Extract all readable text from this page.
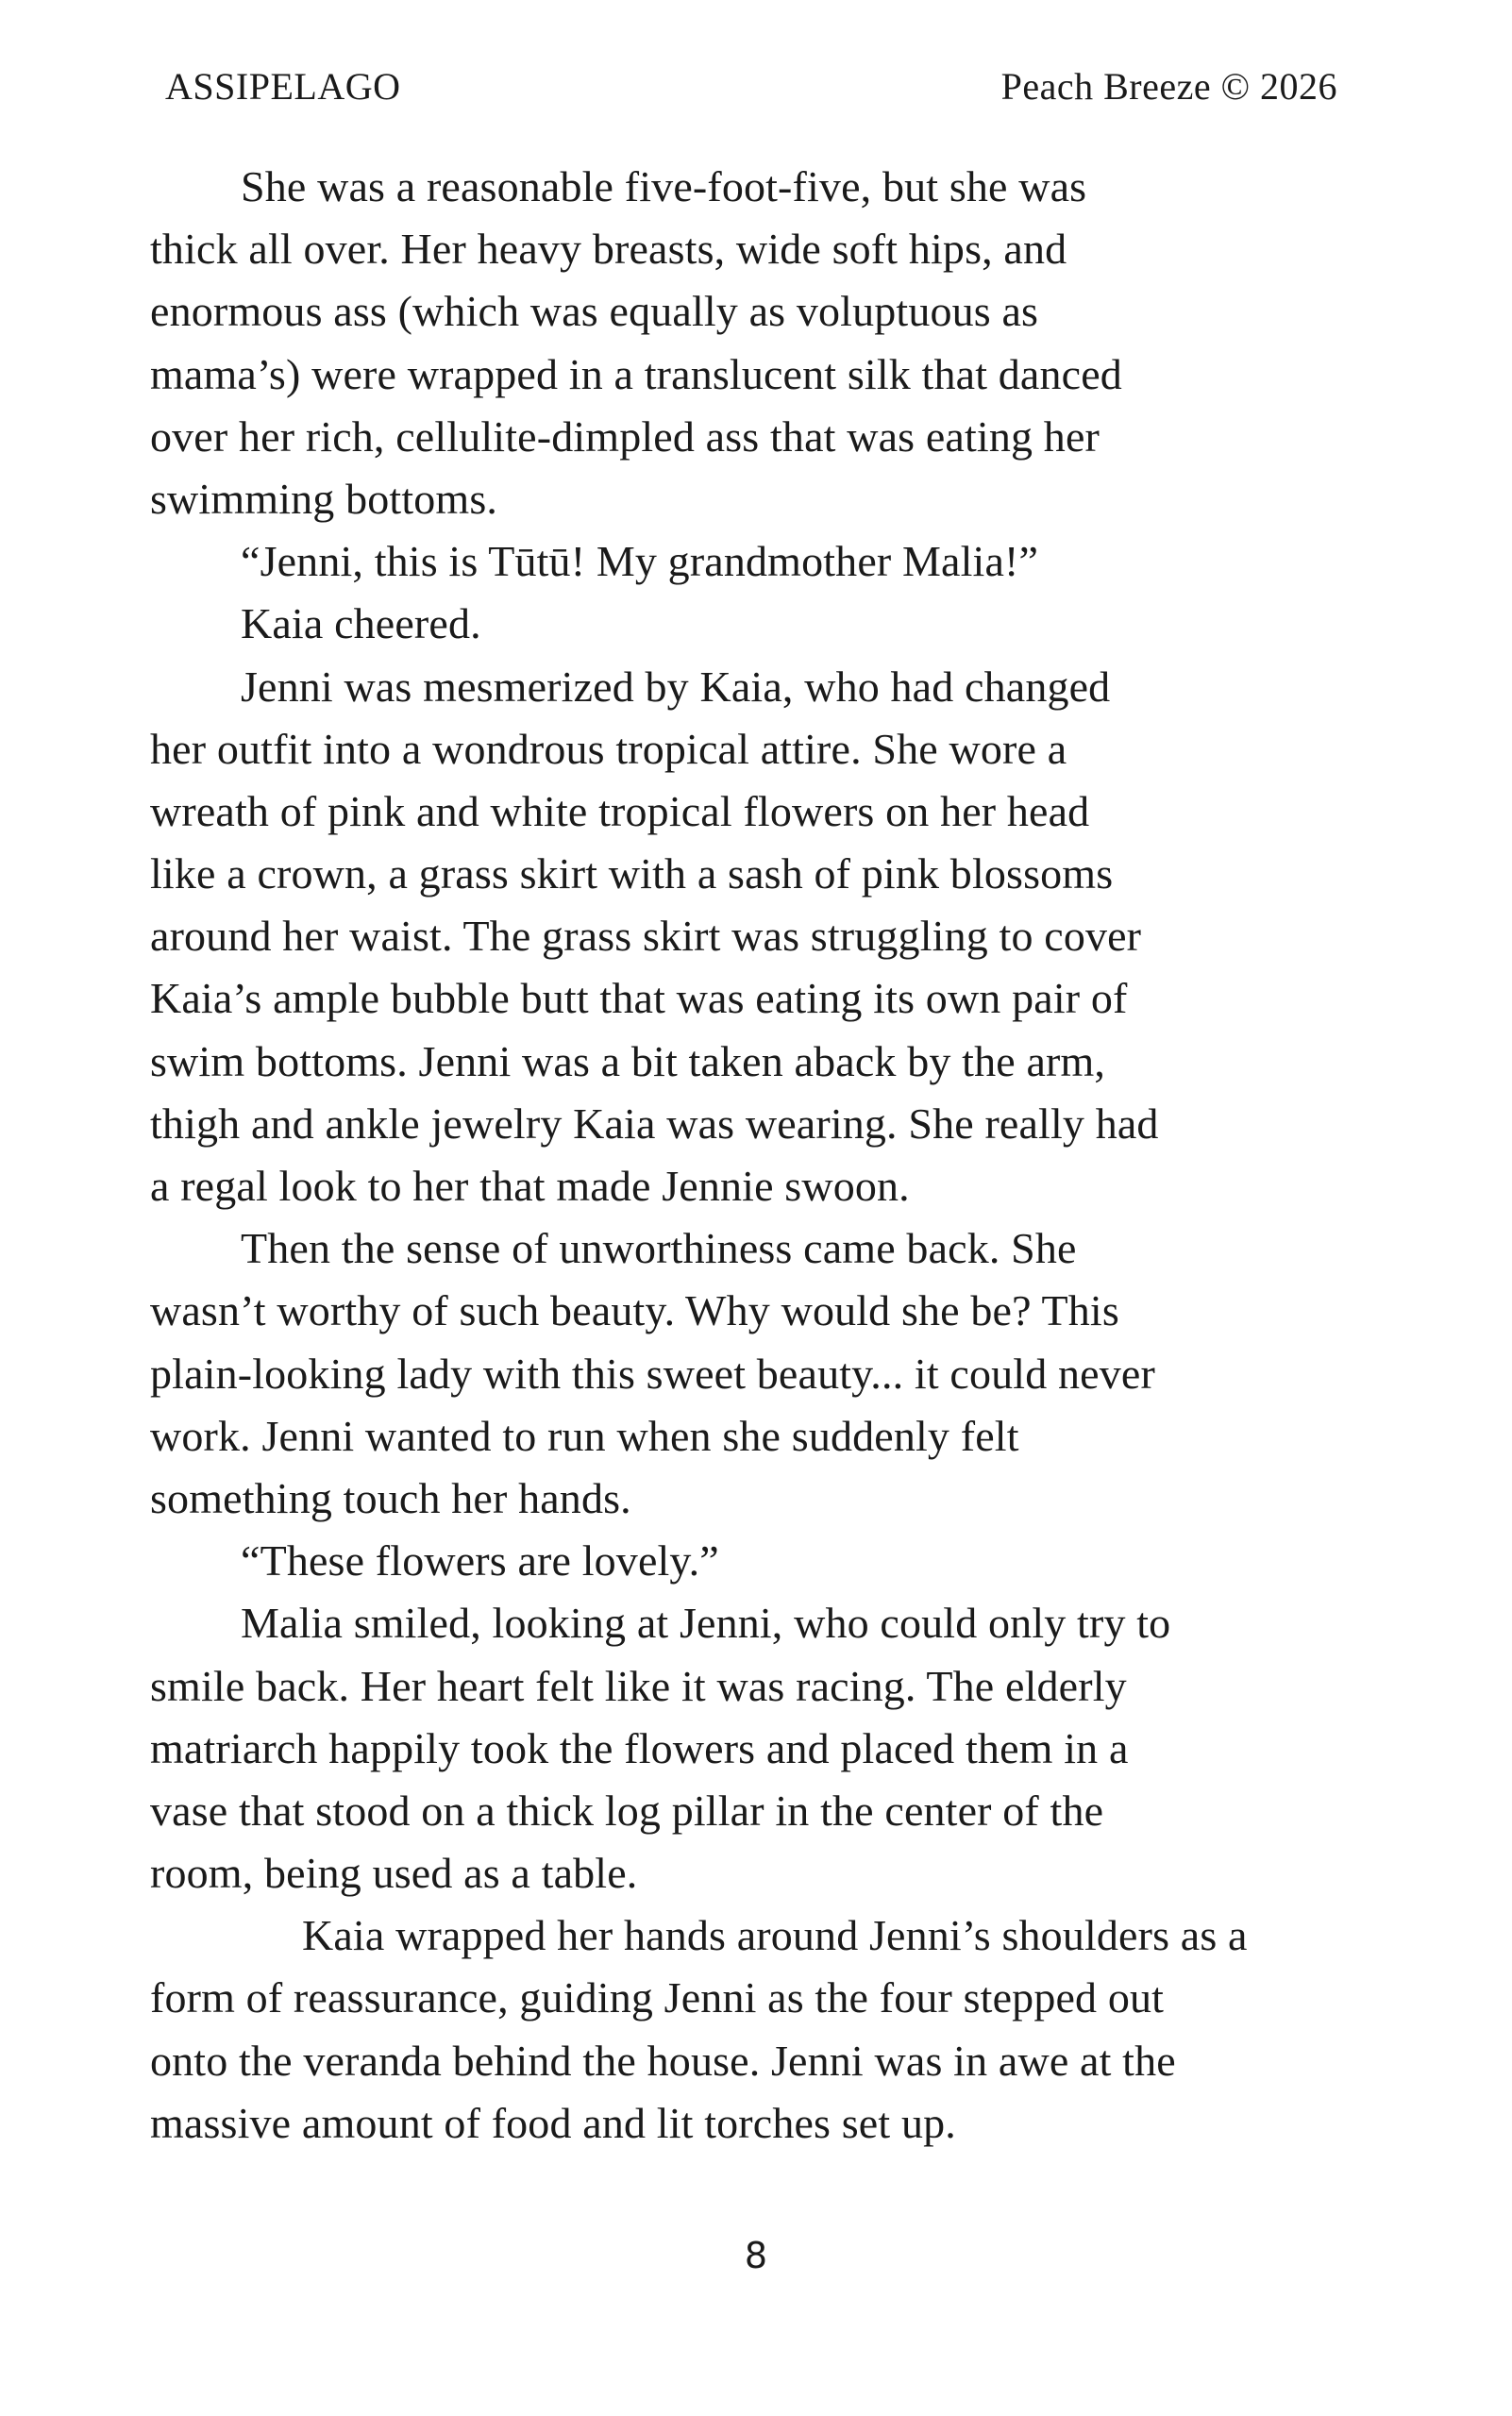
ASSIPELAGO	Peach Breeze © 2026
She was a reasonable five-foot-five, but she was
thick all over. Her heavy breasts, wide soft hips, and
enormous ass (which was equally as voluptuous as
mama’s) were wrapped in a translucent silk that danced
over her rich, cellulite-dimpled ass that was eating her
swimming bottoms.
“Jenni, this is Tūtū! My grandmother Malia!”
Kaia cheered.
Jenni was mesmerized by Kaia, who had changed
her outfit into a wondrous tropical attire. She wore a
wreath of pink and white tropical flowers on her head
like a crown, a grass skirt with a sash of pink blossoms
around her waist. The grass skirt was struggling to cover
Kaia’s ample bubble butt that was eating its own pair of
swim bottoms. Jenni was a bit taken aback by the arm,
thigh and ankle jewelry Kaia was wearing. She really had
a regal look to her that made Jennie swoon.
Then the sense of unworthiness came back. She
wasn’t worthy of such beauty. Why would she be? This
plain-looking lady with this sweet beauty... it could never
work. Jenni wanted to run when she suddenly felt
something touch her hands.
“These flowers are lovely.”
Malia smiled, looking at Jenni, who could only try to
smile back. Her heart felt like it was racing. The elderly
matriarch happily took the flowers and placed them in a
vase that stood on a thick log pillar in the center of the
room, being used as a table.
Kaia wrapped her hands around Jenni’s shoulders as a
form of reassurance, guiding Jenni as the four stepped out
onto the veranda behind the house. Jenni was in awe at the
massive amount of food and lit torches set up.
8
